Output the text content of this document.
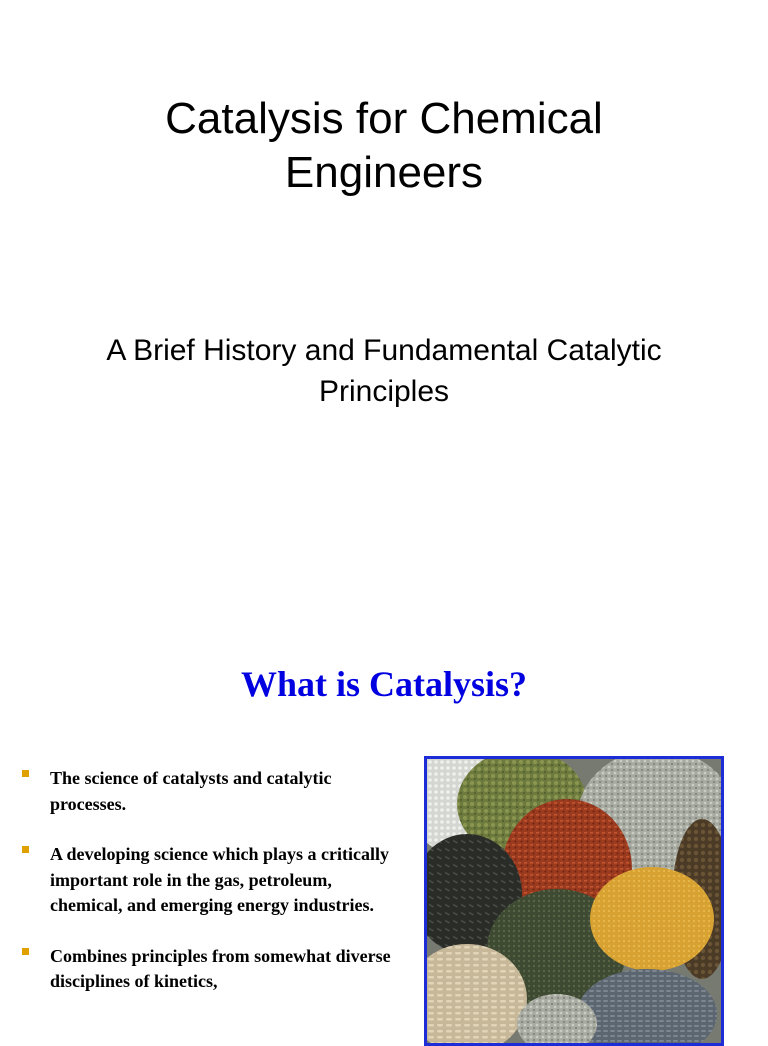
Catalysis for Chemical Engineers
A Brief History and Fundamental Catalytic Principles
What is Catalysis?
The science of catalysts and catalytic processes.
A developing science which plays a critically important role in the gas, petroleum, chemical, and emerging energy industries.
Combines principles from somewhat diverse disciplines of kinetics,
